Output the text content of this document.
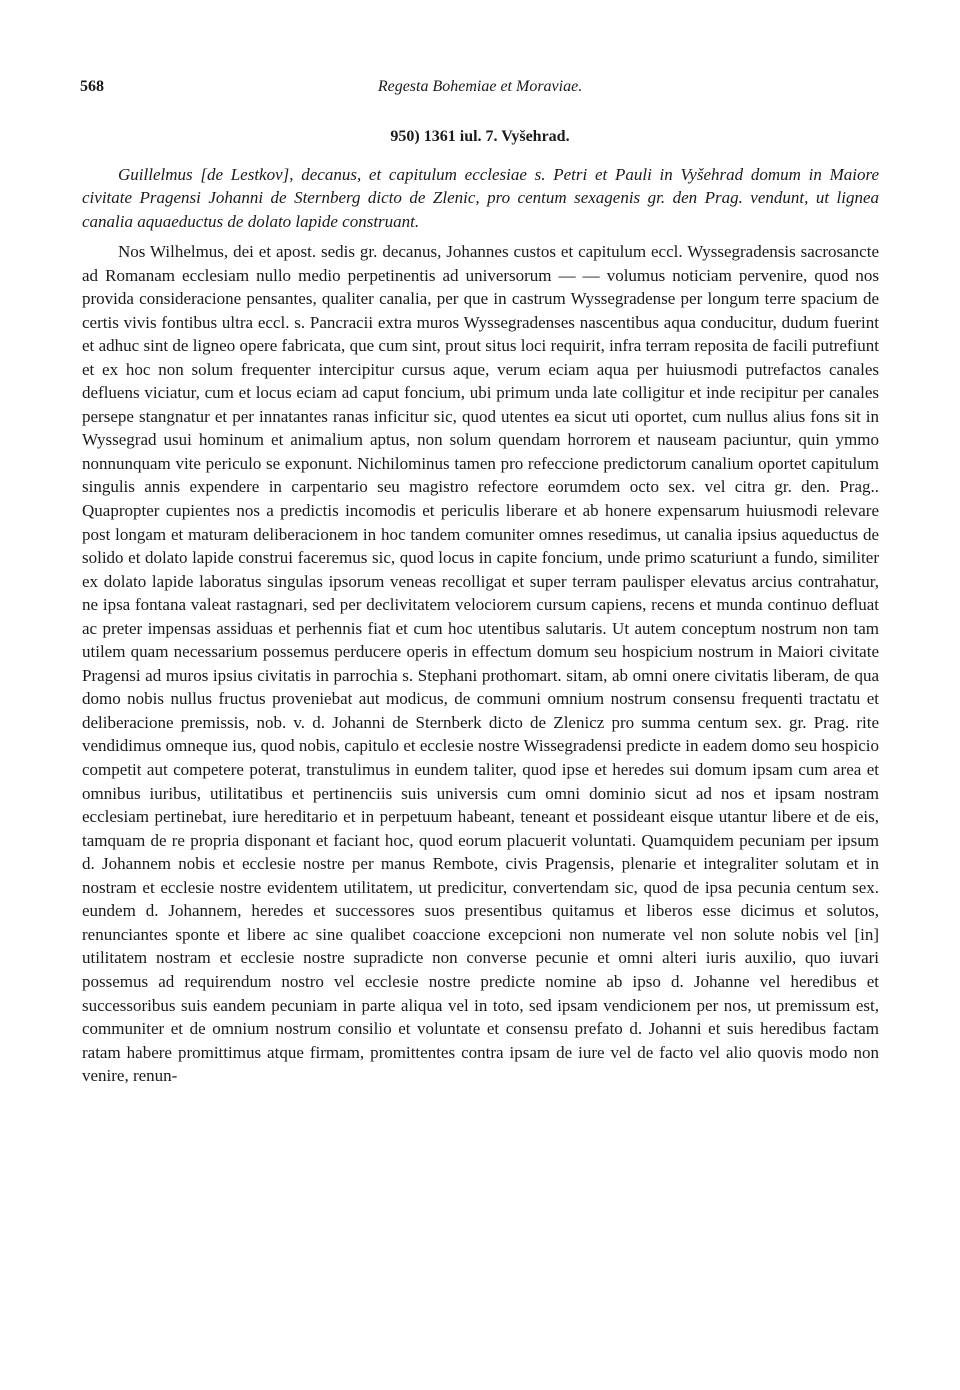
568	Regesta Bohemiae et Moraviae.
950) 1361 iul. 7. Vyšehrad.

Guillelmus [de Lestkov], decanus, et capitulum ecclesiae s. Petri et Pauli in Vyšehrad domum in Maiore civitate Pragensi Johanni de Sternberg dicto de Zlenic, pro centum sexagenis gr. den Prag. vendunt, ut lignea canalia aquaeductus de dolato lapide construant.

Nos Wilhelmus, dei et apost. sedis gr. decanus, Johannes custos et capitulum eccl. Wyssegradensis sacrosancte ad Romanam ecclesiam nullo medio perpetinentis ad universorum — — volumus noticiam pervenire, quod nos provida consideracione pensantes, qualiter canalia, per que in castrum Wyssegradense per longum terre spacium de certis vivis fontibus ultra eccl. s. Pancracii extra muros Wyssegradenses nascentibus aqua conducitur, dudum fuerint et adhuc sint de ligneo opere fabricata, que cum sint, prout situs loci requirit, infra terram reposita de facili putrefiunt et ex hoc non solum frequenter intercipitur cursus aque, verum eciam aqua per huiusmodi putrefactos canales defluens viciatur, cum et locus eciam ad caput foncium, ubi primum unda late colligitur et inde recipitur per canales persepe stangnatur et per innatantes ranas inficitur sic, quod utentes ea sicut uti oportet, cum nullus alius fons sit in Wyssegrad usui hominum et animalium aptus, non solum quendam horrorem et nauseam paciuntur, quin ymmo nonnunquam vite periculo se exponunt. Nichilominus tamen pro refeccione predictorum canalium oportet capitulum singulis annis expendere in carpentario seu magistro refectore eorumdem octo sex. vel citra gr. den. Prag.. Quapropter cupientes nos a predictis incomodis et periculis liberare et ab honere expensarum huiusmodi relevare post longam et maturam deliberacionem in hoc tandem comuniter omnes resedimus, ut canalia ipsius aqueductus de solido et dolato lapide construi faceremus sic, quod locus in capite foncium, unde primo scaturiunt a fundo, similiter ex dolato lapide laboratus singulas ipsorum veneas recolligat et super terram paulisper elevatus arcius contrahatur, ne ipsa fontana valeat rastagnari, sed per declivitatem velociorem cursum capiens, recens et munda continuo defluat ac preter impensas assiduas et perhennis fiat et cum hoc utentibus salutaris. Ut autem conceptum nostrum non tam utilem quam necessarium possemus perducere operis in effectum domum seu hospicium nostrum in Maiori civitate Pragensi ad muros ipsius civitatis in parrochia s. Stephani prothomart. sitam, ab omni onere civitatis liberam, de qua domo nobis nullus fructus proveniebat aut modicus, de communi omnium nostrum consensu frequenti tractatu et deliberacione premissis, nob. v. d. Johanni de Sternberk dicto de Zlenicz pro summa centum sex. gr. Prag. rite vendidimus omneque ius, quod nobis, capitulo et ecclesie nostre Wissegradensi predicte in eadem domo seu hospicio competit aut competere poterat, transtulimus in eundem taliter, quod ipse et heredes sui domum ipsam cum area et omnibus iuribus, utilitatibus et pertinenciis suis universis cum omni dominio sicut ad nos et ipsam nostram ecclesiam pertinebat, iure hereditario et in perpetuum habeant, teneant et possideant eisque utantur libere et de eis, tamquam de re propria disponant et faciant hoc, quod eorum placuerit voluntati. Quamquidem pecuniam per ipsum d. Johannem nobis et ecclesie nostre per manus Rembote, civis Pragensis, plenarie et integraliter solutam et in nostram et ecclesie nostre evidentem utilitatem, ut predicitur, convertendam sic, quod de ipsa pecunia centum sex. eundem d. Johannem, heredes et successores suos presentibus quitamus et liberos esse dicimus et solutos, renunciantes sponte et libere ac sine qualibet coaccione excepcioni non numerate vel non solute nobis vel [in] utilitatem nostram et ecclesie nostre supradicte non converse pecunie et omni alteri iuris auxilio, quo iuvari possemus ad requirendum nostro vel ecclesie nostre predicte nomine ab ipso d. Johanne vel heredibus et successoribus suis eandem pecuniam in parte aliqua vel in toto, sed ipsam vendicionem per nos, ut premissum est, communiter et de omnium nostrum consilio et voluntate et consensu prefato d. Johanni et suis heredibus factam ratam habere promittimus atque firmam, promittentes contra ipsam de iure vel de facto vel alio quovis modo non venire, renun-
